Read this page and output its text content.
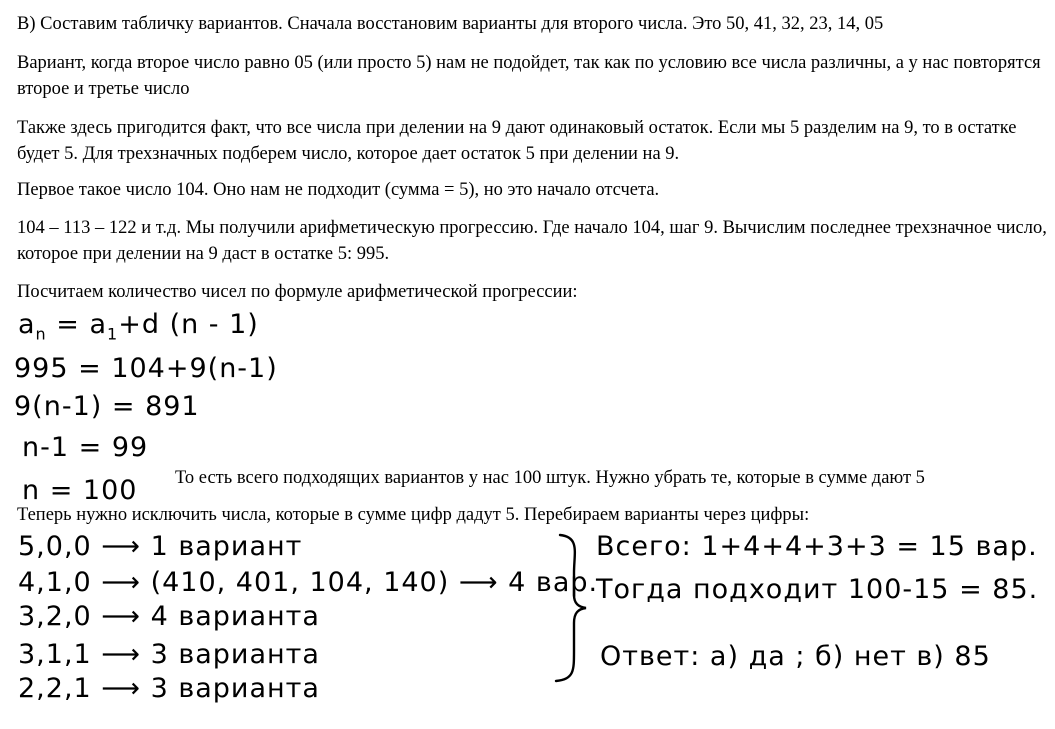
В) Составим табличку вариантов. Сначала восстановим варианты для второго числа. Это 50, 41, 32, 23, 14, 05

Вариант, когда второе число равно 05 (или просто 5) нам не подойдет, так как по условию все числа различны, а у нас повторятся второе и третье число

Также здесь пригодится факт, что все числа при делении на 9 дают одинаковый остаток. Если мы 5 разделим на 9, то в остатке будет 5. Для трехзначных подберем число, которое дает остаток 5 при делении на 9.

Первое такое число 104. Оно нам не подходит (сумма = 5), но это начало отсчета.

104 – 113 – 122 и т.д. Мы получили арифметическую прогрессию. Где начало 104, шаг 9. Вычислим последнее трехзначное число, которое при делении на 9 даст в остатке 5: 995.

Посчитаем количество чисел по формуле арифметической прогрессии:

$a_n = a_1+d$ (n - 1)
995 = 104+9(n-1)
9(n-1) = 891
n-1 = 99
n = 100 То есть всего подходящих вариантов у нас 100 штук. Нужно убрать те, которые в сумме дают 5

Теперь нужно исключить числа, которые в сумме цифр дадут 5. Перебираем варианты через цифры:

5,0,0 ⟶ 1 вариант
4,1,0 ⟶ (410, 401, 104, 140) ⟶ 4 вар.
3,2,0 ⟶ 4 варианта
3,1,1 ⟶ 3 варианта
2,2,1 ⟶ 3 варианта
Всего: 1+4+4+3+3 = 15 вар.
Тогда подходит 100-15 = 85.
Ответ: а) да ; б) нет в) 85
